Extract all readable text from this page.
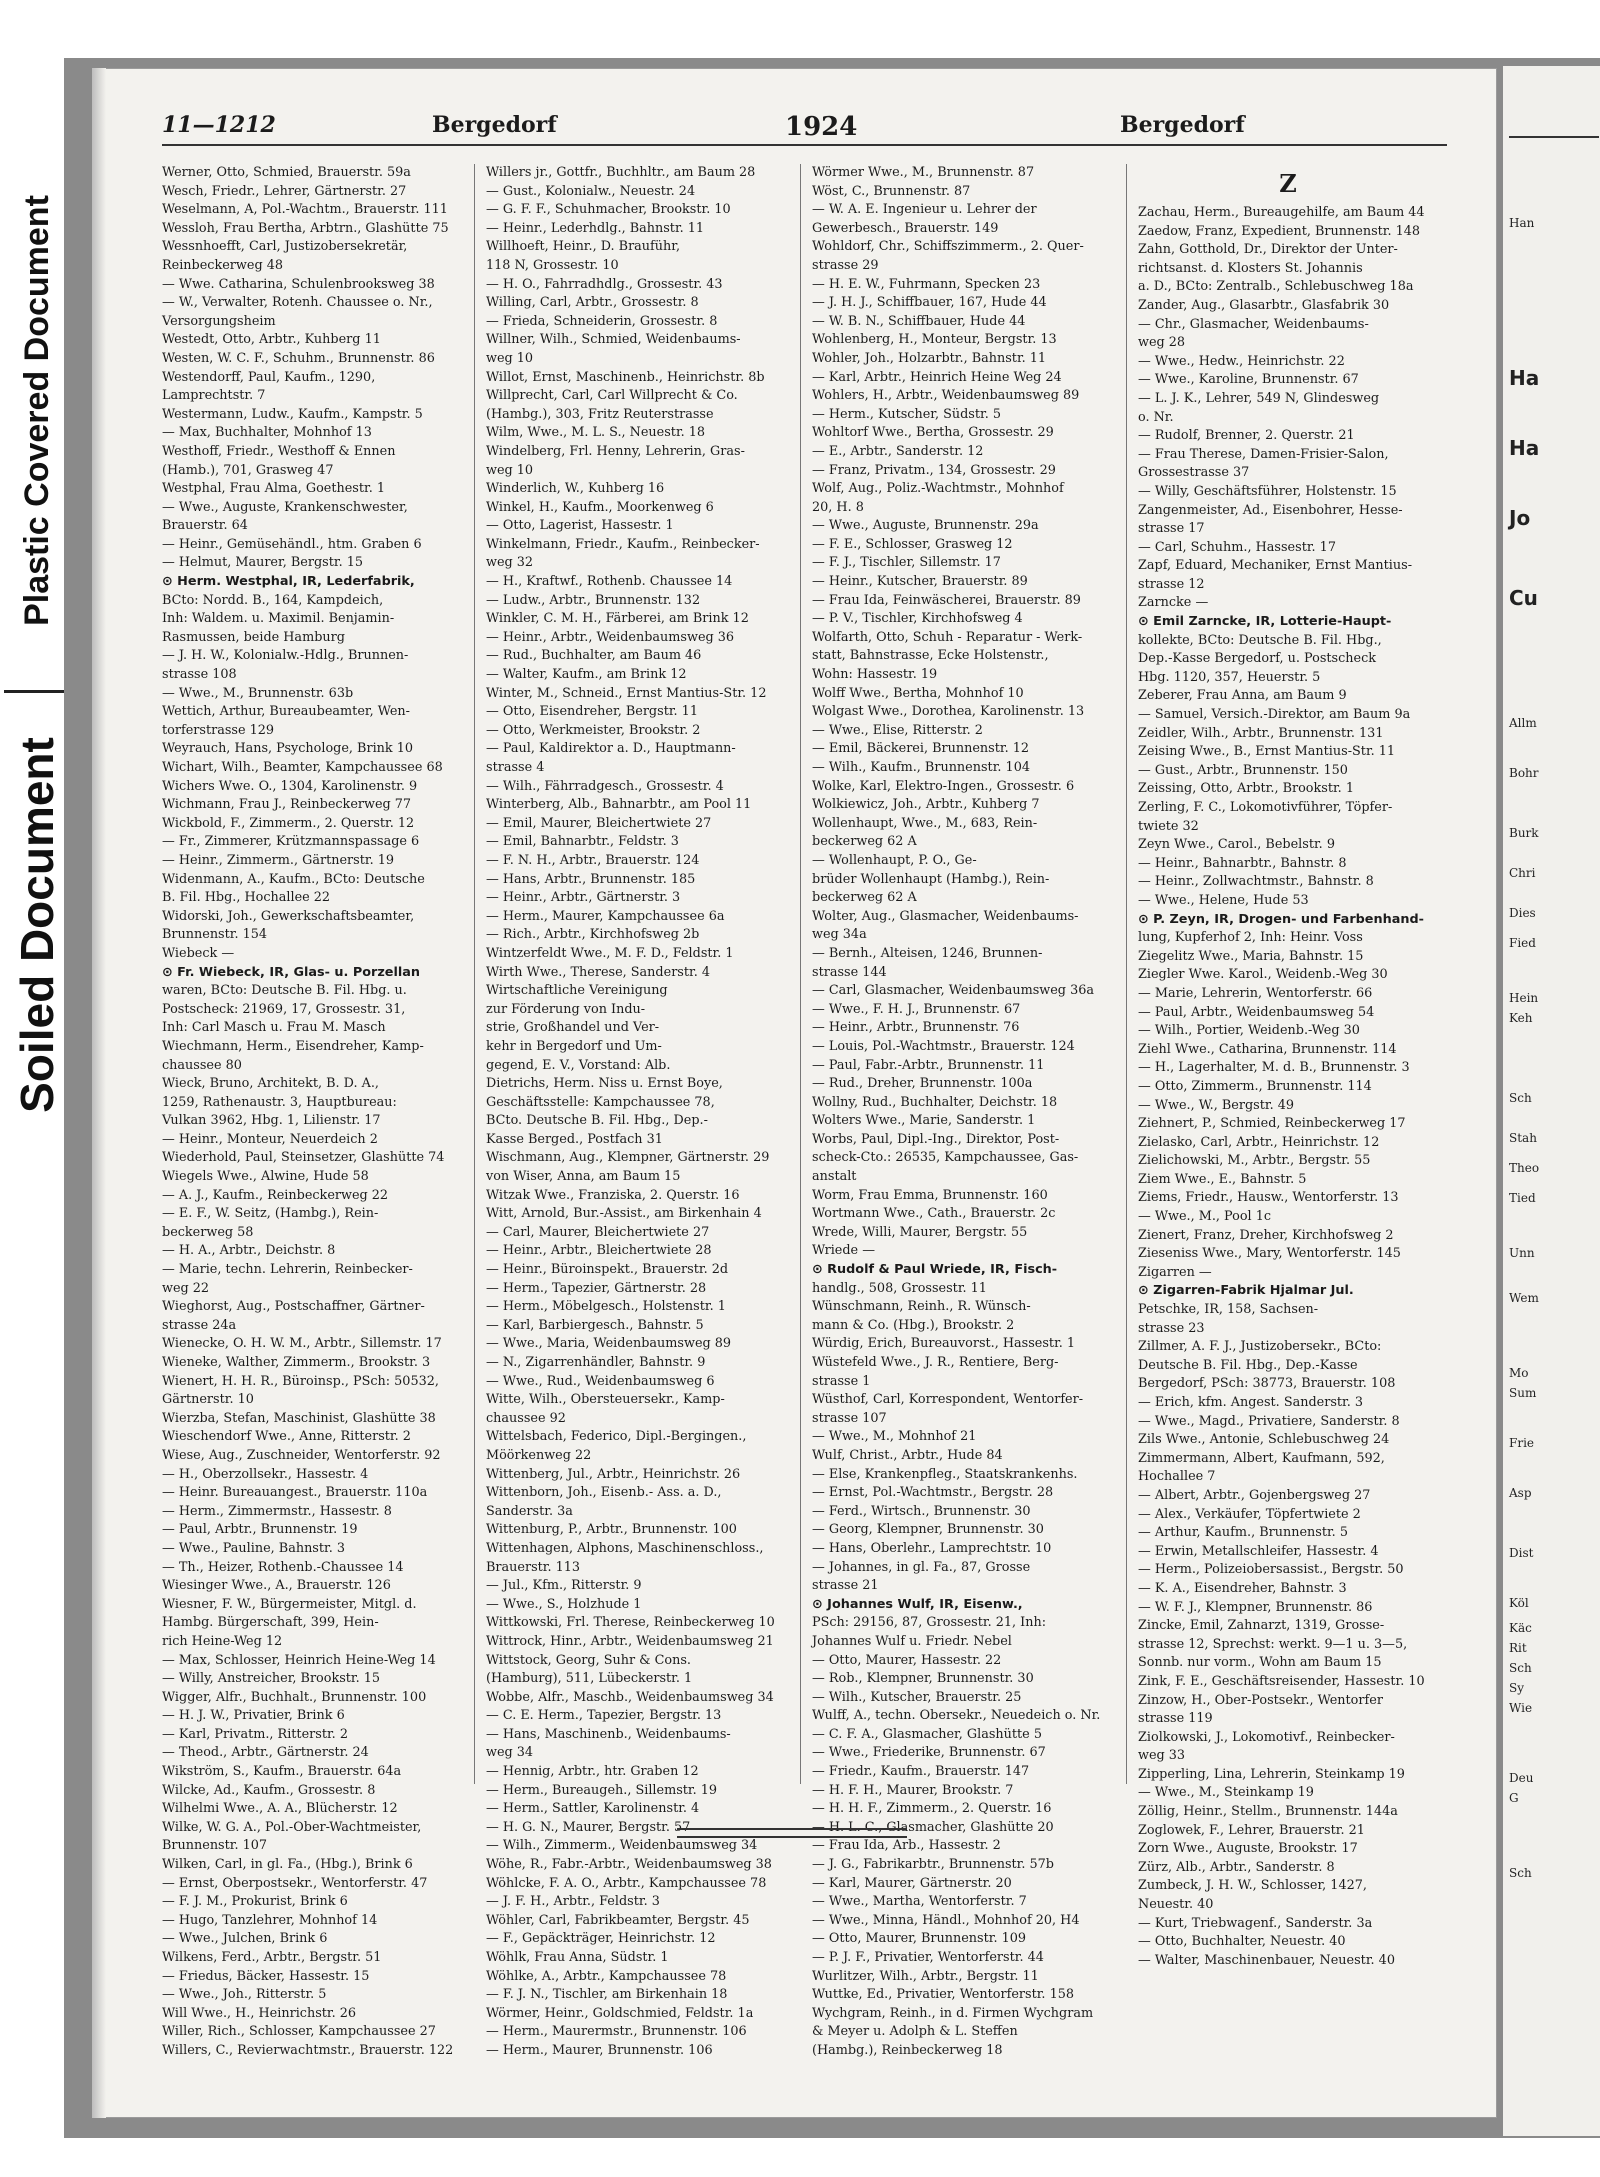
Plastic Covered Document
Soiled Document
11—1212	Bergedorf	1924	Bergedorf
Werner, Otto, Schmied, Brauerstr. 59a
Wesch, Friedr., Lehrer, Gärtnerstr. 27
Weselmann, A, Pol.-Wachtm., Brauerstr. 111
Wessloh, Frau Bertha, Arbtrn., Glashütte 75
Wessnhoefft, Carl, Justizobersekretär,
Reinbeckerweg 48
— Wwe. Catharina, Schulenbrooksweg 38
— W., Verwalter, Rotenh. Chaussee o. Nr.,
Versorgungsheim
Westedt, Otto, Arbtr., Kuhberg 11
Westen, W. C. F., Schuhm., Brunnenstr. 86
Westendorff, Paul, Kaufm., 1290,
Lamprechtstr. 7
Westermann, Ludw., Kaufm., Kampstr. 5
— Max, Buchhalter, Mohnhof 13
Westhoff, Friedr., Westhoff & Ennen
(Hamb.), 701, Grasweg 47
Westphal, Frau Alma, Goethestr. 1
— Wwe., Auguste, Krankenschwester,
Brauerstr. 64
— Heinr., Gemüsehändl., htm. Graben 6
— Helmut, Maurer, Bergstr. 15
⊙ Herm. Westphal, IR, Lederfabrik,
BCto: Nordd. B., 164, Kampdeich,
Inh: Waldem. u. Maximil. Benjamin-
Rasmussen, beide Hamburg
— J. H. W., Kolonialw.-Hdlg., Brunnen-
strasse 108
— Wwe., M., Brunnenstr. 63b
Wettich, Arthur, Bureaubeamter, Wen-
torferstrasse 129
Weyrauch, Hans, Psychologe, Brink 10
Wichart, Wilh., Beamter, Kampchaussee 68
Wichers Wwe. O., 1304, Karolinenstr. 9
Wichmann, Frau J., Reinbeckerweg 77
Wickbold, F., Zimmerm., 2. Querstr. 12
— Fr., Zimmerer, Krützmannspassage 6
— Heinr., Zimmerm., Gärtnerstr. 19
Widenmann, A., Kaufm., BCto: Deutsche
B. Fil. Hbg., Hochallee 22
Widorski, Joh., Gewerkschaftsbeamter,
Brunnenstr. 154
Wiebeck —
⊙ Fr. Wiebeck, IR, Glas- u. Porzellan
waren, BCto: Deutsche B. Fil. Hbg. u.
Postscheck: 21969, 17, Grossestr. 31,
Inh: Carl Masch u. Frau M. Masch
Wiechmann, Herm., Eisendreher, Kamp-
chaussee 80
Wieck, Bruno, Architekt, B. D. A.,
1259, Rathenaustr. 3, Hauptbureau:
Vulkan 3962, Hbg. 1, Lilienstr. 17
— Heinr., Monteur, Neuerdeich 2
Wiederhold, Paul, Steinsetzer, Glashütte 74
Wiegels Wwe., Alwine, Hude 58
— A. J., Kaufm., Reinbeckerweg 22
— E. F., W. Seitz, (Hambg.), Rein-
beckerweg 58
— H. A., Arbtr., Deichstr. 8
— Marie, techn. Lehrerin, Reinbecker-
weg 22
Wieghorst, Aug., Postschaffner, Gärtner-
strasse 24a
Wienecke, O. H. W. M., Arbtr., Sillemstr. 17
Wieneke, Walther, Zimmerm., Brookstr. 3
Wienert, H. H. R., Büroinsp., PSch: 50532,
Gärtnerstr. 10
Wierzba, Stefan, Maschinist, Glashütte 38
Wieschendorf Wwe., Anne, Ritterstr. 2
Wiese, Aug., Zuschneider, Wentorferstr. 92
— H., Oberzollsekr., Hassestr. 4
— Heinr. Bureauangest., Brauerstr. 110a
— Herm., Zimmermstr., Hassestr. 8
— Paul, Arbtr., Brunnenstr. 19
— Wwe., Pauline, Bahnstr. 3
— Th., Heizer, Rothenb.-Chaussee 14
Wiesinger Wwe., A., Brauerstr. 126
Wiesner, F. W., Bürgermeister, Mitgl. d.
Hambg. Bürgerschaft, 399, Hein-
rich Heine-Weg 12
— Max, Schlosser, Heinrich Heine-Weg 14
— Willy, Anstreicher, Brookstr. 15
Wigger, Alfr., Buchhalt., Brunnenstr. 100
— H. J. W., Privatier, Brink 6
— Karl, Privatm., Ritterstr. 2
— Theod., Arbtr., Gärtnerstr. 24
Wikström, S., Kaufm., Brauerstr. 64a
Wilcke, Ad., Kaufm., Grossestr. 8
Wilhelmi Wwe., A. A., Blücherstr. 12
Wilke, W. G. A., Pol.-Ober-Wachtmeister,
Brunnenstr. 107
Wilken, Carl, in gl. Fa., (Hbg.), Brink 6
— Ernst, Oberpostsekr., Wentorferstr. 47
— F. J. M., Prokurist, Brink 6
— Hugo, Tanzlehrer, Mohnhof 14
— Wwe., Julchen, Brink 6
Wilkens, Ferd., Arbtr., Bergstr. 51
— Friedus, Bäcker, Hassestr. 15
— Wwe., Joh., Ritterstr. 5
Will Wwe., H., Heinrichstr. 26
Willer, Rich., Schlosser, Kampchaussee 27
Willers, C., Revierwachtmstr., Brauerstr. 122
Willers jr., Gottfr., Buchhltr., am Baum 28
— Gust., Kolonialw., Neuestr. 24
— G. F. F., Schuhmacher, Brookstr. 10
— Heinr., Lederhdlg., Bahnstr. 11
Willhoeft, Heinr., D. Brauführ,
118 N, Grossestr. 10
— H. O., Fahrradhdlg., Grossestr. 43
Willing, Carl, Arbtr., Grossestr. 8
— Frieda, Schneiderin, Grossestr. 8
Willner, Wilh., Schmied, Weidenbaums-
weg 10
Willot, Ernst, Maschinenb., Heinrichstr. 8b
Willprecht, Carl, Carl Willprecht & Co.
(Hambg.), 303, Fritz Reuterstrasse
Wilm, Wwe., M. L. S., Neuestr. 18
Windelberg, Frl. Henny, Lehrerin, Gras-
weg 10
Winderlich, W., Kuhberg 16
Winkel, H., Kaufm., Moorkenweg 6
— Otto, Lagerist, Hassestr. 1
Winkelmann, Friedr., Kaufm., Reinbecker-
weg 32
— H., Kraftwf., Rothenb. Chaussee 14
— Ludw., Arbtr., Brunnenstr. 132
Winkler, C. M. H., Färberei, am Brink 12
— Heinr., Arbtr., Weidenbaumsweg 36
— Rud., Buchhalter, am Baum 46
— Walter, Kaufm., am Brink 12
Winter, M., Schneid., Ernst Mantius-Str. 12
— Otto, Eisendreher, Bergstr. 11
— Otto, Werkmeister, Brookstr. 2
— Paul, Kaldirektor a. D., Hauptmann-
strasse 4
— Wilh., Fährradgesch., Grossestr. 4
Winterberg, Alb., Bahnarbtr., am Pool 11
— Emil, Maurer, Bleichertwiete 27
— Emil, Bahnarbtr., Feldstr. 3
— F. N. H., Arbtr., Brauerstr. 124
— Hans, Arbtr., Brunnenstr. 185
— Heinr., Arbtr., Gärtnerstr. 3
— Herm., Maurer, Kampchaussee 6a
— Rich., Arbtr., Kirchhofsweg 2b
Wintzerfeldt Wwe., M. F. D., Feldstr. 1
Wirth Wwe., Therese, Sanderstr. 4
Wirtschaftliche Vereinigung
zur Förderung von Indu-
strie, Großhandel und Ver-
kehr in Bergedorf und Um-
gegend, E. V., Vorstand: Alb.
Dietrichs, Herm. Niss u. Ernst Boye,
Geschäftsstelle: Kampchaussee 78,
BCto. Deutsche B. Fil. Hbg., Dep.-
Kasse Berged., Postfach 31
Wischmann, Aug., Klempner, Gärtnerstr. 29
von Wiser, Anna, am Baum 15
Witzak Wwe., Franziska, 2. Querstr. 16
Witt, Arnold, Bur.-Assist., am Birkenhain 4
— Carl, Maurer, Bleichertwiete 27
— Heinr., Arbtr., Bleichertwiete 28
— Heinr., Büroinspekt., Brauerstr. 2d
— Herm., Tapezier, Gärtnerstr. 28
— Herm., Möbelgesch., Holstenstr. 1
— Karl, Barbiergesch., Bahnstr. 5
— Wwe., Maria, Weidenbaumsweg 89
— N., Zigarrenhändler, Bahnstr. 9
— Wwe., Rud., Weidenbaumsweg 6
Witte, Wilh., Obersteuersekr., Kamp-
chaussee 92
Wittelsbach, Federico, Dipl.-Bergingen.,
Möörkenweg 22
Wittenberg, Jul., Arbtr., Heinrichstr. 26
Wittenborn, Joh., Eisenb.- Ass. a. D.,
Sanderstr. 3a
Wittenburg, P., Arbtr., Brunnenstr. 100
Wittenhagen, Alphons, Maschinenschloss.,
Brauerstr. 113
— Jul., Kfm., Ritterstr. 9
— Wwe., S., Holzhude 1
Wittkowski, Frl. Therese, Reinbeckerweg 10
Wittrock, Hinr., Arbtr., Weidenbaumsweg 21
Wittstock, Georg, Suhr & Cons.
(Hamburg), 511, Lübeckerstr. 1
Wobbe, Alfr., Maschb., Weidenbaumsweg 34
— C. E. Herm., Tapezier, Bergstr. 13
— Hans, Maschinenb., Weidenbaums-
weg 34
— Hennig, Arbtr., htr. Graben 12
— Herm., Bureaugeh., Sillemstr. 19
— Herm., Sattler, Karolinenstr. 4
— H. G. N., Maurer, Bergstr. 57
— Wilh., Zimmerm., Weidenbaumsweg 34
Wöhe, R., Fabr.-Arbtr., Weidenbaumsweg 38
Wöhlcke, F. A. O., Arbtr., Kampchaussee 78
— J. F. H., Arbtr., Feldstr. 3
Wöhler, Carl, Fabrikbeamter, Bergstr. 45
— F., Gepäckträger, Heinrichstr. 12
Wöhlk, Frau Anna, Südstr. 1
Wöhlke, A., Arbtr., Kampchaussee 78
— F. J. N., Tischler, am Birkenhain 18
Wörmer, Heinr., Goldschmied, Feldstr. 1a
— Herm., Maurermstr., Brunnenstr. 106
— Herm., Maurer, Brunnenstr. 106
Wörmer Wwe., M., Brunnenstr. 87
Wöst, C., Brunnenstr. 87
— W. A. E. Ingenieur u. Lehrer der
Gewerbesch., Brauerstr. 149
Wohldorf, Chr., Schiffszimmerm., 2. Quer-
strasse 29
— H. E. W., Fuhrmann, Specken 23
— J. H. J., Schiffbauer, 167, Hude 44
— W. B. N., Schiffbauer, Hude 44
Wohlenberg, H., Monteur, Bergstr. 13
Wohler, Joh., Holzarbtr., Bahnstr. 11
— Karl, Arbtr., Heinrich Heine Weg 24
Wohlers, H., Arbtr., Weidenbaumsweg 89
— Herm., Kutscher, Südstr. 5
Wohltorf Wwe., Bertha, Grossestr. 29
— E., Arbtr., Sanderstr. 12
— Franz, Privatm., 134, Grossestr. 29
Wolf, Aug., Poliz.-Wachtmstr., Mohnhof
20, H. 8
— Wwe., Auguste, Brunnenstr. 29a
— F. E., Schlosser, Grasweg 12
— F. J., Tischler, Sillemstr. 17
— Heinr., Kutscher, Brauerstr. 89
— Frau Ida, Feinwäscherei, Brauerstr. 89
— P. V., Tischler, Kirchhofsweg 4
Wolfarth, Otto, Schuh - Reparatur - Werk-
statt, Bahnstrasse, Ecke Holstenstr.,
Wohn: Hassestr. 19
Wolff Wwe., Bertha, Mohnhof 10
Wolgast Wwe., Dorothea, Karolinenstr. 13
— Wwe., Elise, Ritterstr. 2
— Emil, Bäckerei, Brunnenstr. 12
— Wilh., Kaufm., Brunnenstr. 104
Wolke, Karl, Elektro-Ingen., Grossestr. 6
Wolkiewicz, Joh., Arbtr., Kuhberg 7
Wollenhaupt, Wwe., M., 683, Rein-
beckerweg 62 A
— Wollenhaupt, P. O., Ge-
brüder Wollenhaupt (Hambg.), Rein-
beckerweg 62 A
Wolter, Aug., Glasmacher, Weidenbaums-
weg 34a
— Bernh., Alteisen, 1246, Brunnen-
strasse 144
— Carl, Glasmacher, Weidenbaumsweg 36a
— Wwe., F. H. J., Brunnenstr. 67
— Heinr., Arbtr., Brunnenstr. 76
— Louis, Pol.-Wachtmstr., Brauerstr. 124
— Paul, Fabr.-Arbtr., Brunnenstr. 11
— Rud., Dreher, Brunnenstr. 100a
Wollny, Rud., Buchhalter, Deichstr. 18
Wolters Wwe., Marie, Sanderstr. 1
Worbs, Paul, Dipl.-Ing., Direktor, Post-
scheck-Cto.: 26535, Kampchaussee, Gas-
anstalt
Worm, Frau Emma, Brunnenstr. 160
Wortmann Wwe., Cath., Brauerstr. 2c
Wrede, Willi, Maurer, Bergstr. 55
Wriede —
⊙ Rudolf & Paul Wriede, IR, Fisch-
handlg., 508, Grossestr. 11
Wünschmann, Reinh., R. Wünsch-
mann & Co. (Hbg.), Brookstr. 2
Würdig, Erich, Bureauvorst., Hassestr. 1
Wüstefeld Wwe., J. R., Rentiere, Berg-
strasse 1
Wüsthof, Carl, Korrespondent, Wentorfer-
strasse 107
— Wwe., M., Mohnhof 21
Wulf, Christ., Arbtr., Hude 84
— Else, Krankenpfleg., Staatskrankenhs.
— Ernst, Pol.-Wachtmstr., Bergstr. 28
— Ferd., Wirtsch., Brunnenstr. 30
— Georg, Klempner, Brunnenstr. 30
— Hans, Oberlehr., Lamprechtstr. 10
— Johannes, in gl. Fa., 87, Grosse
strasse 21
⊙ Johannes Wulf, IR, Eisenw.,
PSch: 29156, 87, Grossestr. 21, Inh:
Johannes Wulf u. Friedr. Nebel
— Otto, Maurer, Hassestr. 22
— Rob., Klempner, Brunnenstr. 30
— Wilh., Kutscher, Brauerstr. 25
Wulff, A., techn. Obersekr., Neuedeich o. Nr.
— C. F. A., Glasmacher, Glashütte 5
— Wwe., Friederike, Brunnenstr. 67
— Friedr., Kaufm., Brauerstr. 147
— H. F. H., Maurer, Brookstr. 7
— H. H. F., Zimmerm., 2. Querstr. 16
— H. L. C., Glasmacher, Glashütte 20
— Frau Ida, Arb., Hassestr. 2
— J. G., Fabrikarbtr., Brunnenstr. 57b
— Karl, Maurer, Gärtnerstr. 20
— Wwe., Martha, Wentorferstr. 7
— Wwe., Minna, Händl., Mohnhof 20, H4
— Otto, Maurer, Brunnenstr. 109
— P. J. F., Privatier, Wentorferstr. 44
Wurlitzer, Wilh., Arbtr., Bergstr. 11
Wuttke, Ed., Privatier, Wentorferstr. 158
Wychgram, Reinh., in d. Firmen Wychgram
& Meyer u. Adolph & L. Steffen
(Hambg.), Reinbeckerweg 18
Z
Zachau, Herm., Bureaugehilfe, am Baum 44
Zaedow, Franz, Expedient, Brunnenstr. 148
Zahn, Gotthold, Dr., Direktor der Unter-
richtsanst. d. Klosters St. Johannis
a. D., BCto: Zentralb., Schlebuschweg 18a
Zander, Aug., Glasarbtr., Glasfabrik 30
— Chr., Glasmacher, Weidenbaums-
weg 28
— Wwe., Hedw., Heinrichstr. 22
— Wwe., Karoline, Brunnenstr. 67
— L. J. K., Lehrer, 549 N, Glindesweg
o. Nr.
— Rudolf, Brenner, 2. Querstr. 21
— Frau Therese, Damen-Frisier-Salon,
Grossestrasse 37
— Willy, Geschäftsführer, Holstenstr. 15
Zangenmeister, Ad., Eisenbohrer, Hesse-
strasse 17
— Carl, Schuhm., Hassestr. 17
Zapf, Eduard, Mechaniker, Ernst Mantius-
strasse 12
Zarncke —
⊙ Emil Zarncke, IR, Lotterie-Haupt-
kollekte, BCto: Deutsche B. Fil. Hbg.,
Dep.-Kasse Bergedorf, u. Postscheck
Hbg. 1120, 357, Heuerstr. 5
Zeberer, Frau Anna, am Baum 9
— Samuel, Versich.-Direktor, am Baum 9a
Zeidler, Wilh., Arbtr., Brunnenstr. 131
Zeising Wwe., B., Ernst Mantius-Str. 11
— Gust., Arbtr., Brunnenstr. 150
Zeissing, Otto, Arbtr., Brookstr. 1
Zerling, F. C., Lokomotivführer, Töpfer-
twiete 32
Zeyn Wwe., Carol., Bebelstr. 9
— Heinr., Bahnarbtr., Bahnstr. 8
— Heinr., Zollwachtmstr., Bahnstr. 8
— Wwe., Helene, Hude 53
⊙ P. Zeyn, IR, Drogen- und Farbenhand-
lung, Kupferhof 2, Inh: Heinr. Voss
Ziegelitz Wwe., Maria, Bahnstr. 15
Ziegler Wwe. Karol., Weidenb.-Weg 30
— Marie, Lehrerin, Wentorferstr. 66
— Paul, Arbtr., Weidenbaumsweg 54
— Wilh., Portier, Weidenb.-Weg 30
Ziehl Wwe., Catharina, Brunnenstr. 114
— H., Lagerhalter, M. d. B., Brunnenstr. 3
— Otto, Zimmerm., Brunnenstr. 114
— Wwe., W., Bergstr. 49
Ziehnert, P., Schmied, Reinbeckerweg 17
Zielasko, Carl, Arbtr., Heinrichstr. 12
Zielichowski, M., Arbtr., Bergstr. 55
Ziem Wwe., E., Bahnstr. 5
Ziems, Friedr., Hausw., Wentorferstr. 13
— Wwe., M., Pool 1c
Zienert, Franz, Dreher, Kirchhofsweg 2
Zieseniss Wwe., Mary, Wentorferstr. 145
Zigarren —
⊙ Zigarren-Fabrik Hjalmar Jul.
Petschke, IR, 158, Sachsen-
strasse 23
Zillmer, A. F. J., Justizobersekr., BCto:
Deutsche B. Fil. Hbg., Dep.-Kasse
Bergedorf, PSch: 38773, Brauerstr. 108
— Erich, kfm. Angest. Sanderstr. 3
— Wwe., Magd., Privatiere, Sanderstr. 8
Zils Wwe., Antonie, Schlebuschweg 24
Zimmermann, Albert, Kaufmann, 592,
Hochallee 7
— Albert, Arbtr., Gojenbergsweg 27
— Alex., Verkäufer, Töpfertwiete 2
— Arthur, Kaufm., Brunnenstr. 5
— Erwin, Metallschleifer, Hassestr. 4
— Herm., Polizeiobersassist., Bergstr. 50
— K. A., Eisendreher, Bahnstr. 3
— W. F. J., Klempner, Brunnenstr. 86
Zincke, Emil, Zahnarzt, 1319, Grosse-
strasse 12, Sprechst: werkt. 9—1 u. 3—5,
Sonnb. nur vorm., Wohn am Baum 15
Zink, F. E., Geschäftsreisender, Hassestr. 10
Zinzow, H., Ober-Postsekr., Wentorfer
strasse 119
Ziolkowski, J., Lokomotivf., Reinbecker-
weg 33
Zipperling, Lina, Lehrerin, Steinkamp 19
— Wwe., M., Steinkamp 19
Zöllig, Heinr., Stellm., Brunnenstr. 144a
Zoglowek, F., Lehrer, Brauerstr. 21
Zorn Wwe., Auguste, Brookstr. 17
Zürz, Alb., Arbtr., Sanderstr. 8
Zumbeck, J. H. W., Schlosser, 1427,
Neuestr. 40
— Kurt, Triebwagenf., Sanderstr. 3a
— Otto, Buchhalter, Neuestr. 40
— Walter, Maschinenbauer, Neuestr. 40
Han
Ha
Ha
Jo
Cu
Allm
Bohr
Burk
Chri
Dies
Fied
Hein
Keh
Sch
Stah
Theo
Tied
Unn
Wem
Mo
Sum
Frie
Asp
Dist
Köl
Käc
Rit
Sch
Sy
Wie
Deu
G
Sch
